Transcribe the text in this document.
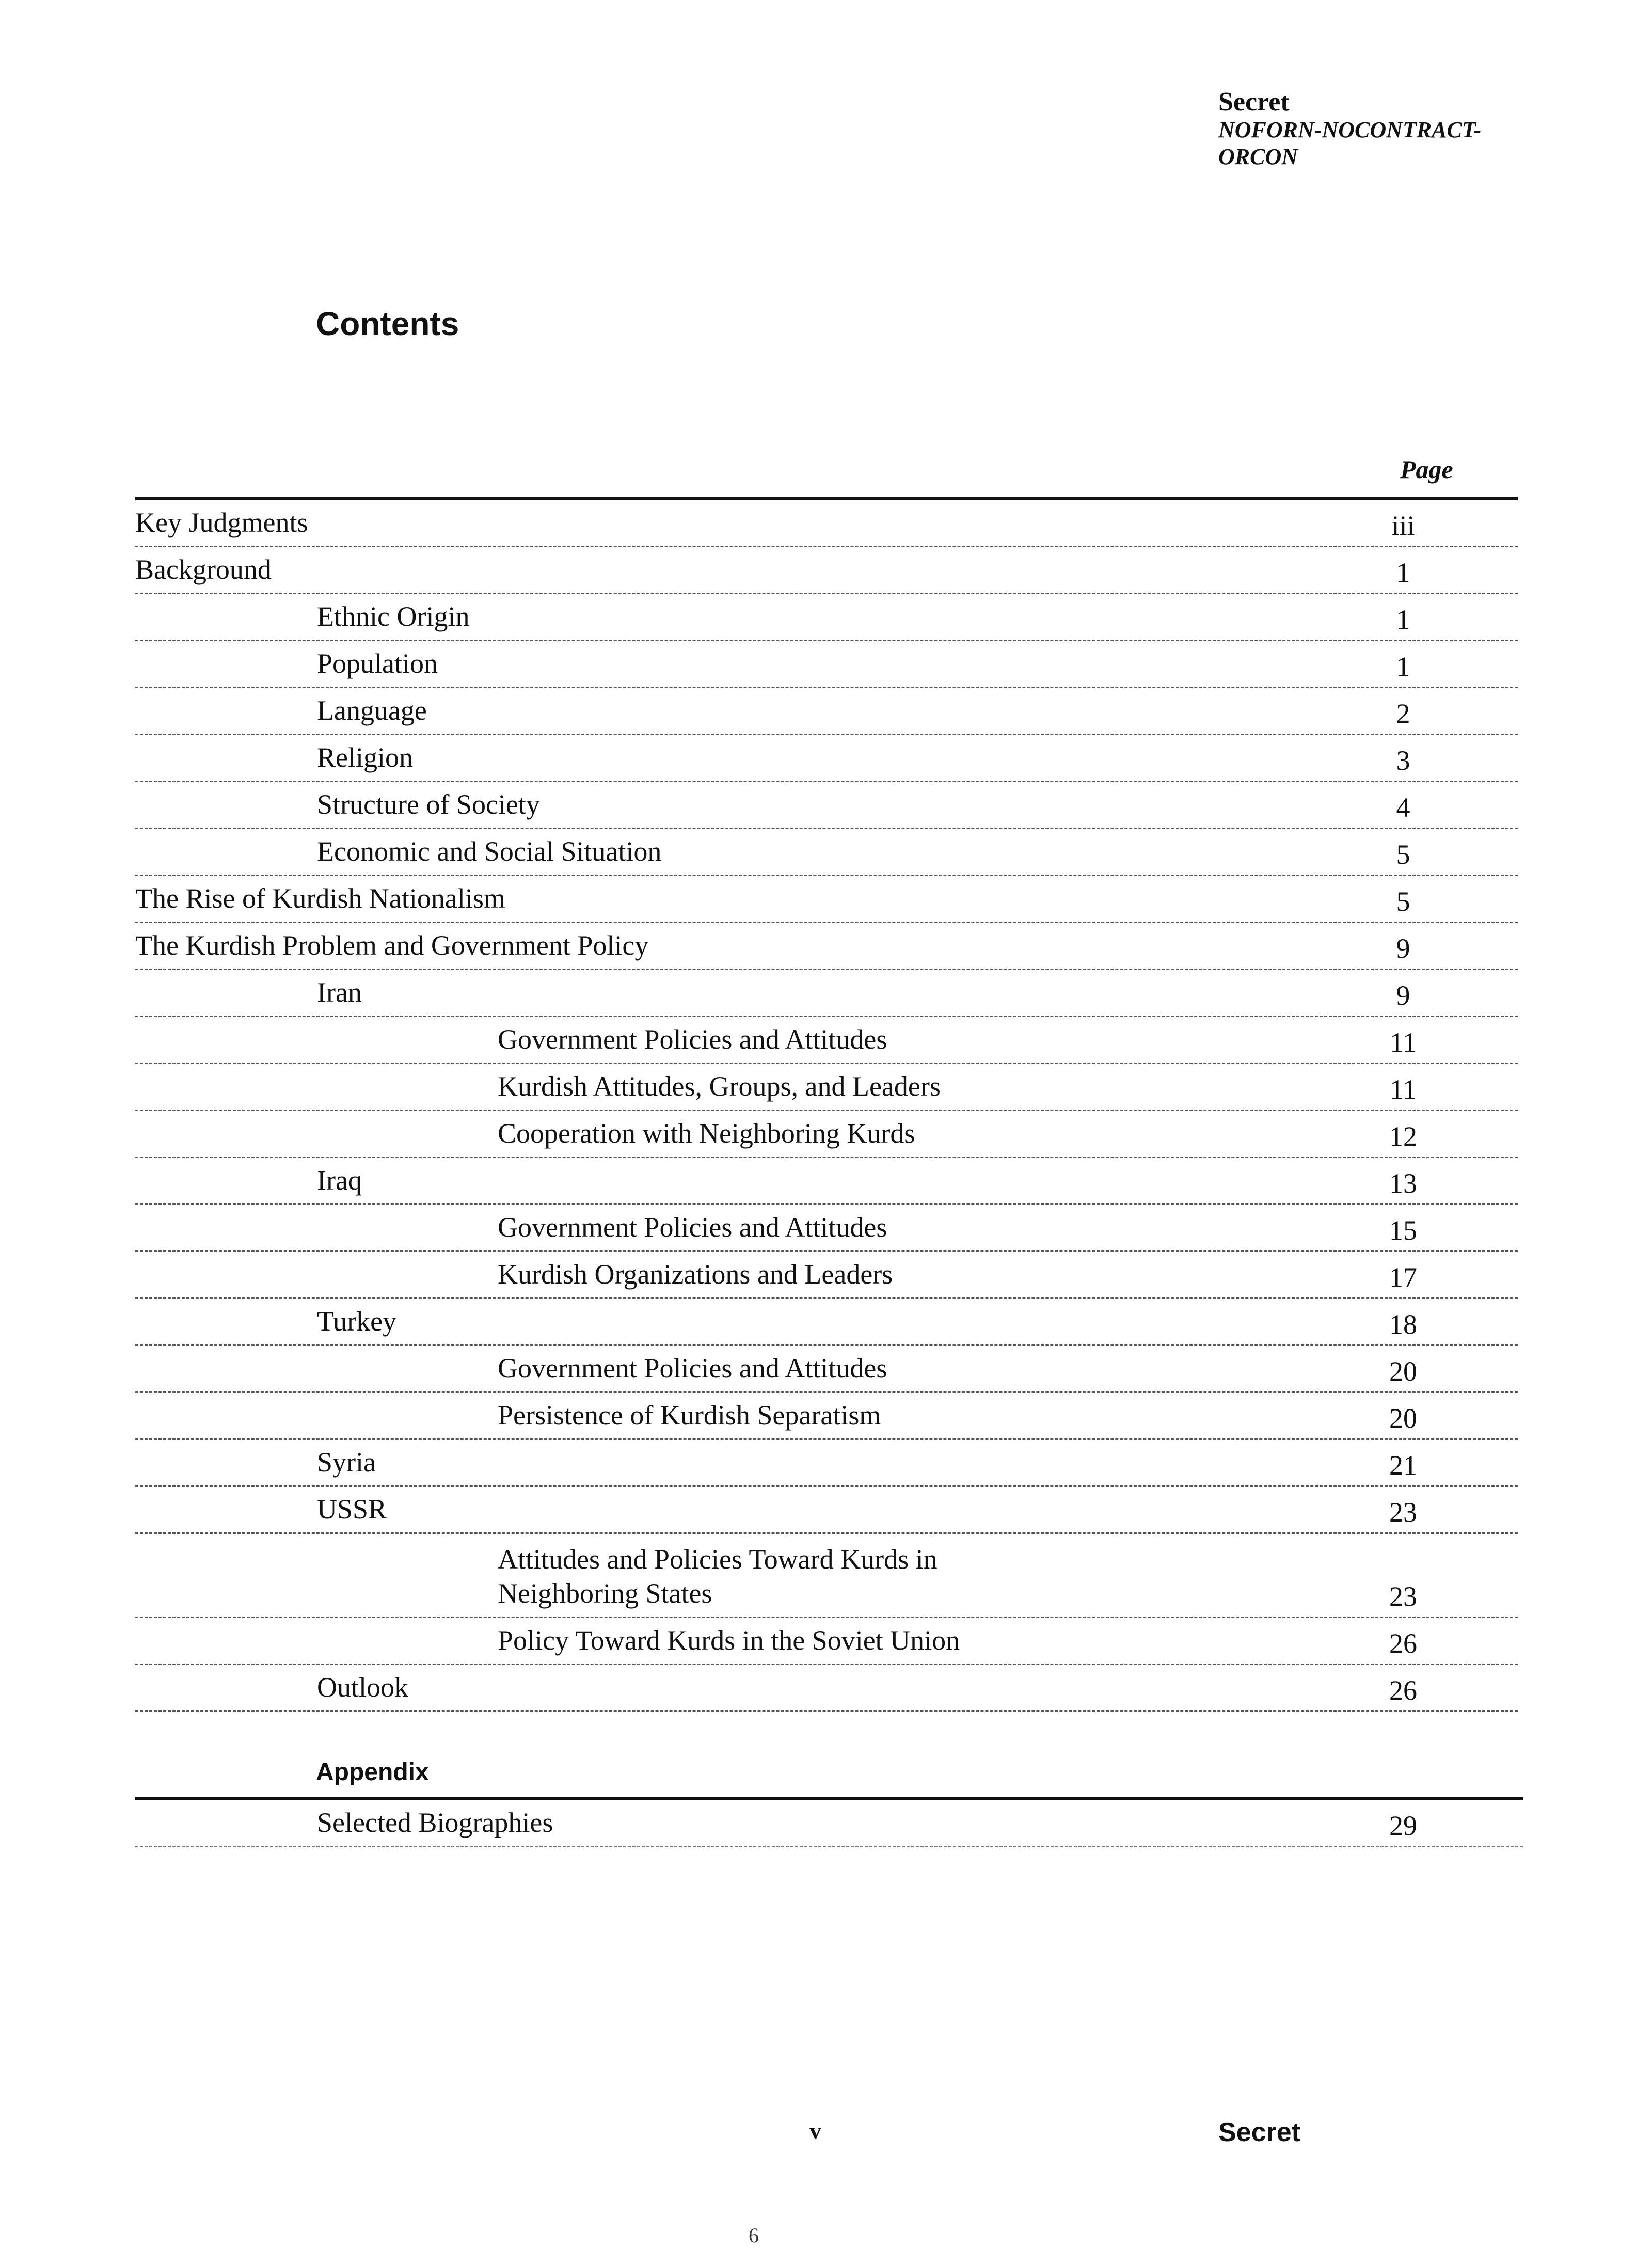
Secret
NOFORN-NOCONTRACT-
ORCON
Contents
Page
Key Judgments	iii
Background	1
Ethnic Origin	1
Population	1
Language	2
Religion	3
Structure of Society	4
Economic and Social Situation	5
The Rise of Kurdish Nationalism	5
The Kurdish Problem and Government Policy	9
Iran	9
Government Policies and Attitudes	11
Kurdish Attitudes, Groups, and Leaders	11
Cooperation with Neighboring Kurds	12
Iraq	13
Government Policies and Attitudes	15
Kurdish Organizations and Leaders	17
Turkey	18
Government Policies and Attitudes	20
Persistence of Kurdish Separatism	20
Syria	21
USSR	23
Attitudes and Policies Toward Kurds in
Neighboring States	23
Policy Toward Kurds in the Soviet Union	26
Outlook	26
Appendix
Selected Biographies	29
v	Secret
6
